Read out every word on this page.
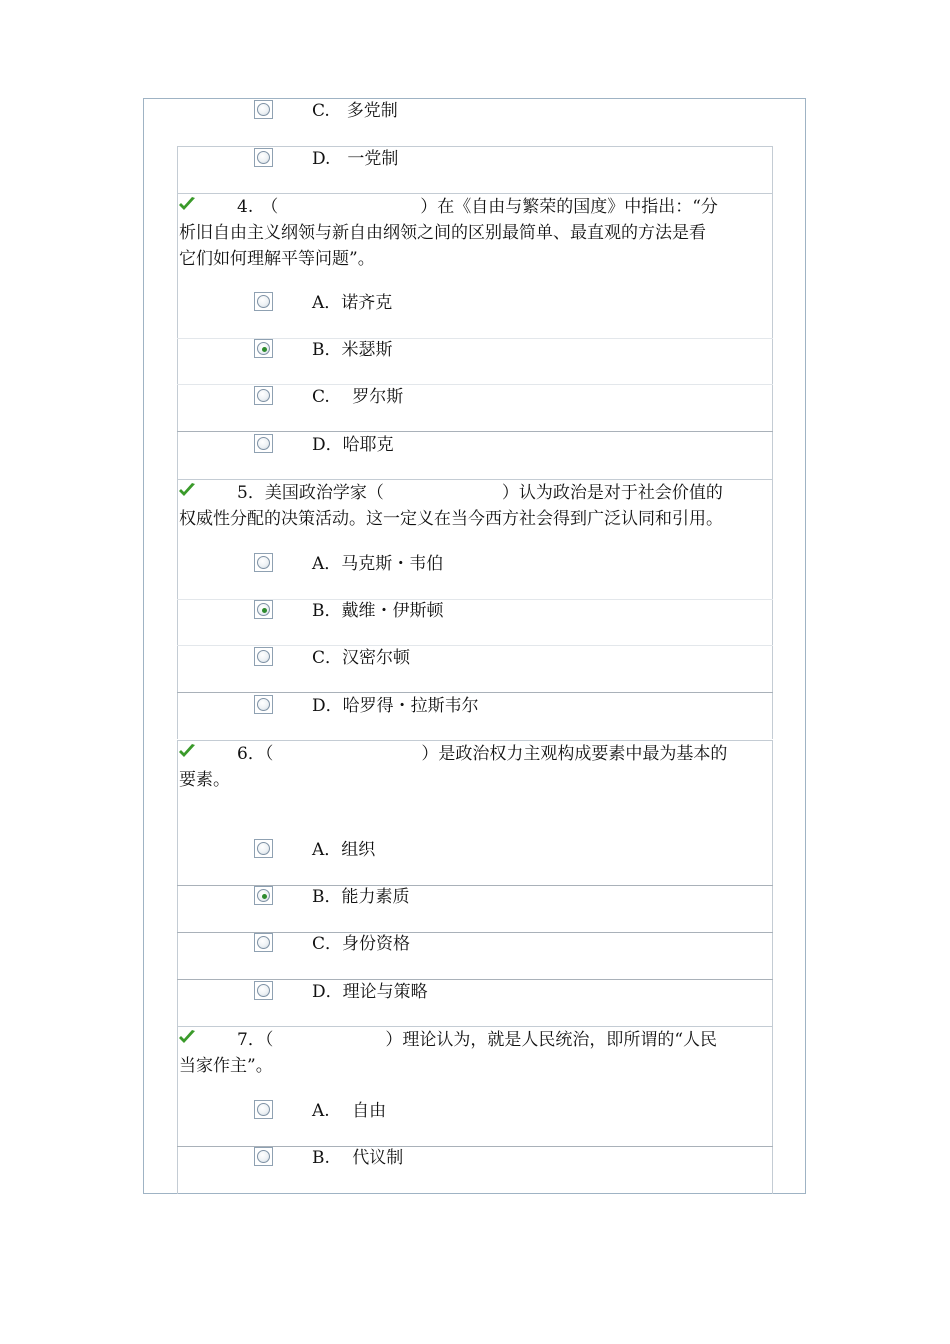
C.　多党制
D.　一党制
4. （	）在《自由与繁荣的国度》中指出：“分
析旧自由主义纲领与新自由纲领之间的区别最简单、最直观的方法是看
它们如何理解平等问题”。
A．诺齐克
B．米瑟斯
C.　 罗尔斯
D．哈耶克
5．美国政治学家（	）认为政治是对于社会价值的
权威性分配的决策活动。这一定义在当今西方社会得到广泛认同和引用。
A．马克斯・韦伯
B．戴维・伊斯顿
C．汉密尔顿
D．哈罗得・拉斯韦尔
6．（	）是政治权力主观构成要素中最为基本的
要素。
A．组织
B．能力素质
C．身份资格
D．理论与策略
7．（	）理论认为，就是人民统治，即所谓的“人民
当家作主”。
A.　 自由
B.　 代议制
